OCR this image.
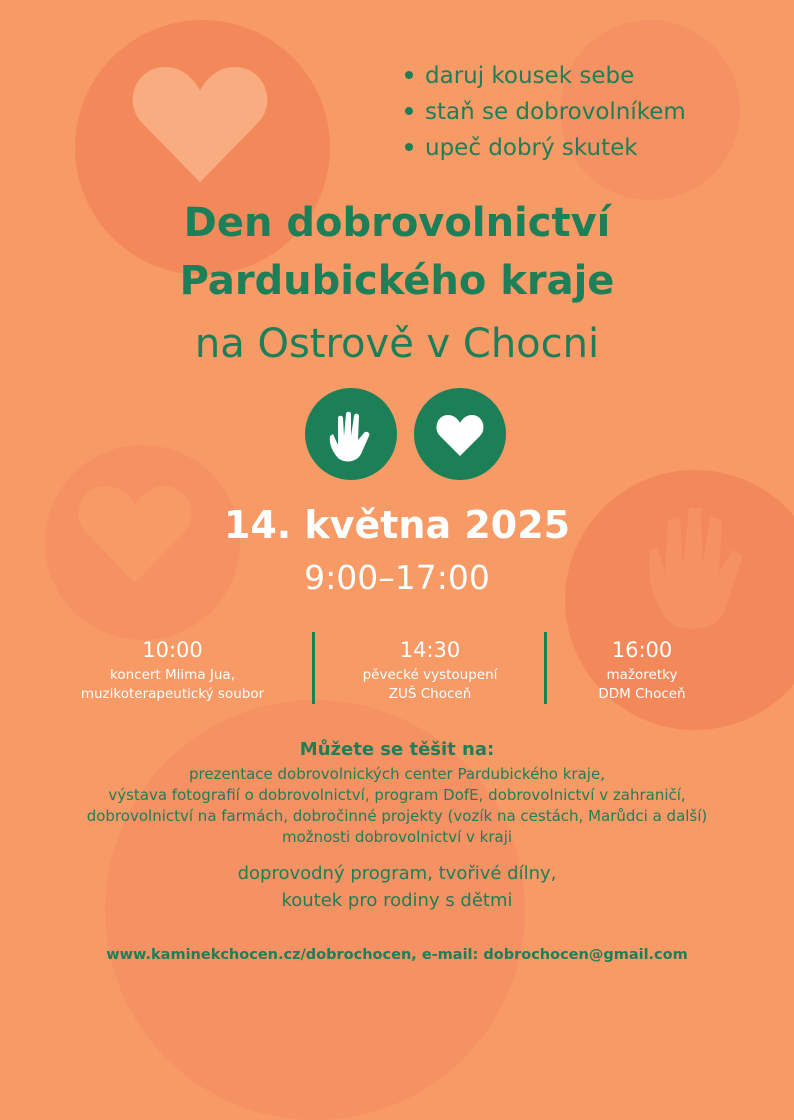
daruj kousek sebe
staň se dobrovolníkem
upeč dobrý skutek
Den dobrovolnictví
Pardubického kraje
na Ostrově v Chocni
14. května 2025
9:00–17:00
10:00
koncert Mlima Jua,
muzikoterapeutický soubor
14:30
pěvecké vystoupení
ZUŠ Choceň
16:00
mažoretky
DDM Choceň
Můžete se těšit na:
prezentace dobrovolnických center Pardubického kraje,
výstava fotografií o dobrovolnictví, program DofE, dobrovolnictví v zahraničí,
dobrovolnictví na farmách, dobročinné projekty (vozík na cestách, Marůdci a další)
možnosti dobrovolnictví v kraji
doprovodný program, tvořivé dílny,
koutek pro rodiny s dětmi
www.kaminekchocen.cz/dobrochocen, e-mail: dobrochocen@gmail.com
